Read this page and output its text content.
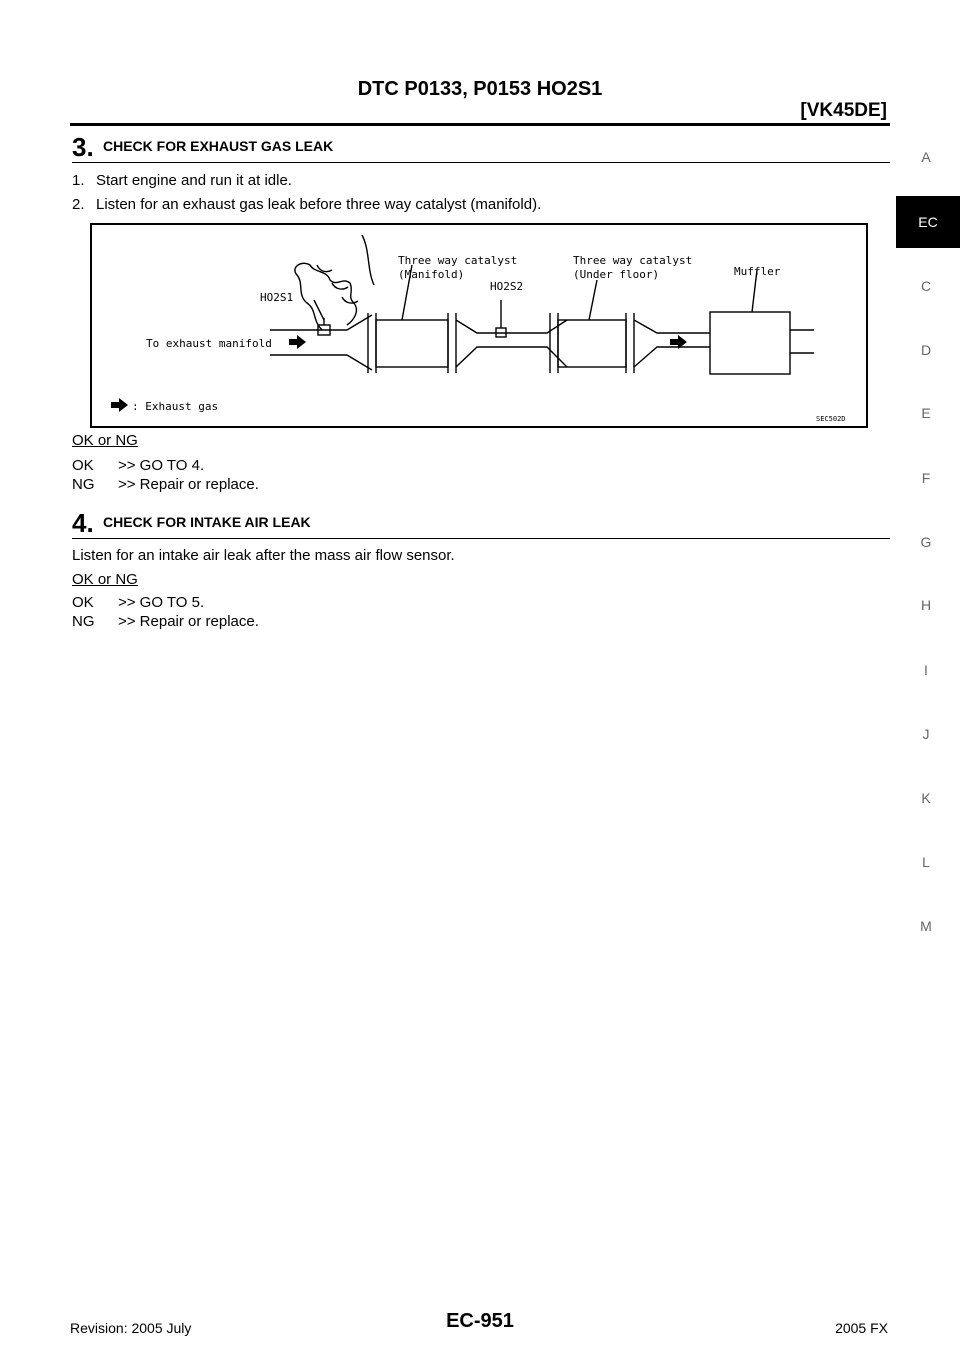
DTC P0133, P0153 HO2S1
[VK45DE]
3. CHECK FOR EXHAUST GAS LEAK
1. Start engine and run it at idle.
2. Listen for an exhaust gas leak before three way catalyst (manifold).
Three way catalyst
(Manifold)
Three way catalyst
(Under floor)	Muffler
HO2S1
HO2S2
To exhaust manifold
: Exhaust gas
SEC502D
OK or NG
OK >> GO TO 4.
NG >> Repair or replace.
4. CHECK FOR INTAKE AIR LEAK
Listen for an intake air leak after the mass air flow sensor.
OK or NG
OK >> GO TO 5.
NG >> Repair or replace.
A
EC
C
D
E
F
G
H
I
J
K
L
M
Revision: 2005 July	EC-951	2005 FX
